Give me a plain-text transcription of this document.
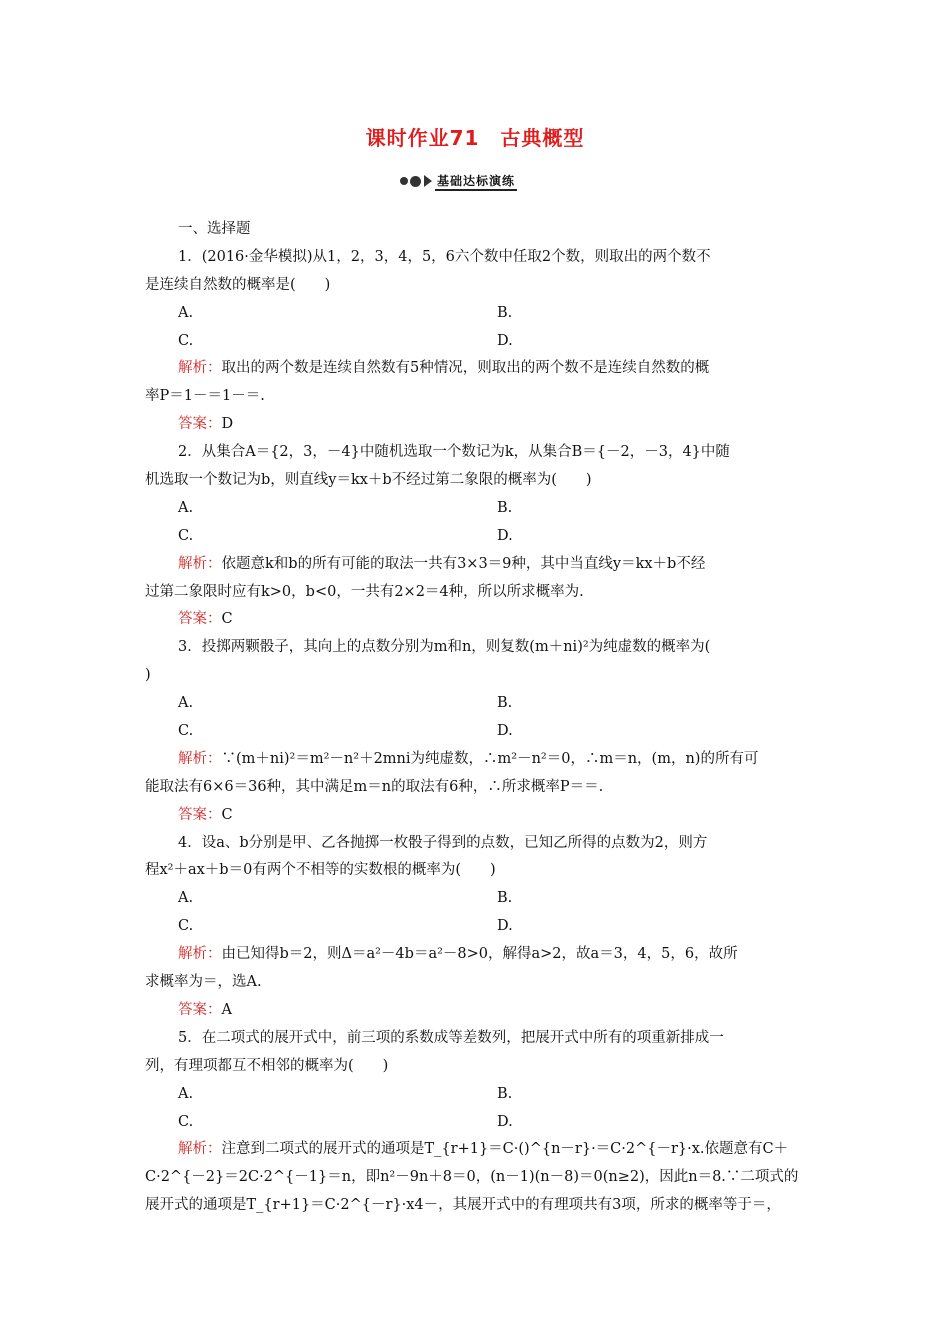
课时作业71　古典概型
基础达标演练
一、选择题
1．(2016·金华模拟)从1，2，3，4，5，6六个数中任取2个数，则取出的两个数不
是连续自然数的概率是(　　)
A.	B.
C.	D.
解析：取出的两个数是连续自然数有5种情况，则取出的两个数不是连续自然数的概
率P＝1－＝1－＝.
答案：D
2．从集合A＝{2，3，－4}中随机选取一个数记为k，从集合B＝{－2，－3，4}中随
机选取一个数记为b，则直线y＝kx＋b不经过第二象限的概率为(　　)
A.	B.
C.	D.
解析：依题意k和b的所有可能的取法一共有3×3＝9种，其中当直线y＝kx＋b不经
过第二象限时应有k>0，b<0，一共有2×2＝4种，所以所求概率为.
答案：C
3．投掷两颗骰子，其向上的点数分别为m和n，则复数(m＋ni)²为纯虚数的概率为(
)
A.	B.
C.	D.
解析：∵(m＋ni)²＝m²－n²＋2mni为纯虚数，∴m²－n²＝0，∴m＝n，(m，n)的所有可
能取法有6×6＝36种，其中满足m＝n的取法有6种，∴所求概率P＝＝.
答案：C
4．设a、b分别是甲、乙各抛掷一枚骰子得到的点数，已知乙所得的点数为2，则方
程x²＋ax＋b＝0有两个不相等的实数根的概率为(　　)
A.	B.
C.	D.
解析：由已知得b＝2，则Δ＝a²－4b＝a²－8>0，解得a>2，故a＝3，4，5，6，故所
求概率为＝，选A.
答案：A
5．在二项式的展开式中，前三项的系数成等差数列，把展开式中所有的项重新排成一
列，有理项都互不相邻的概率为(　　)
A.	B.
C.	D.
解析：注意到二项式的展开式的通项是T_{r+1}＝C·()^{n－r}·＝C·2^{－r}·x.依题意有C＋
C·2^{－2}＝2C·2^{－1}＝n，即n²－9n＋8＝0，(n－1)(n－8)＝0(n≥2)，因此n＝8.∵二项式的
展开式的通项是T_{r+1}＝C·2^{－r}·x4－，其展开式中的有理项共有3项，所求的概率等于＝，
